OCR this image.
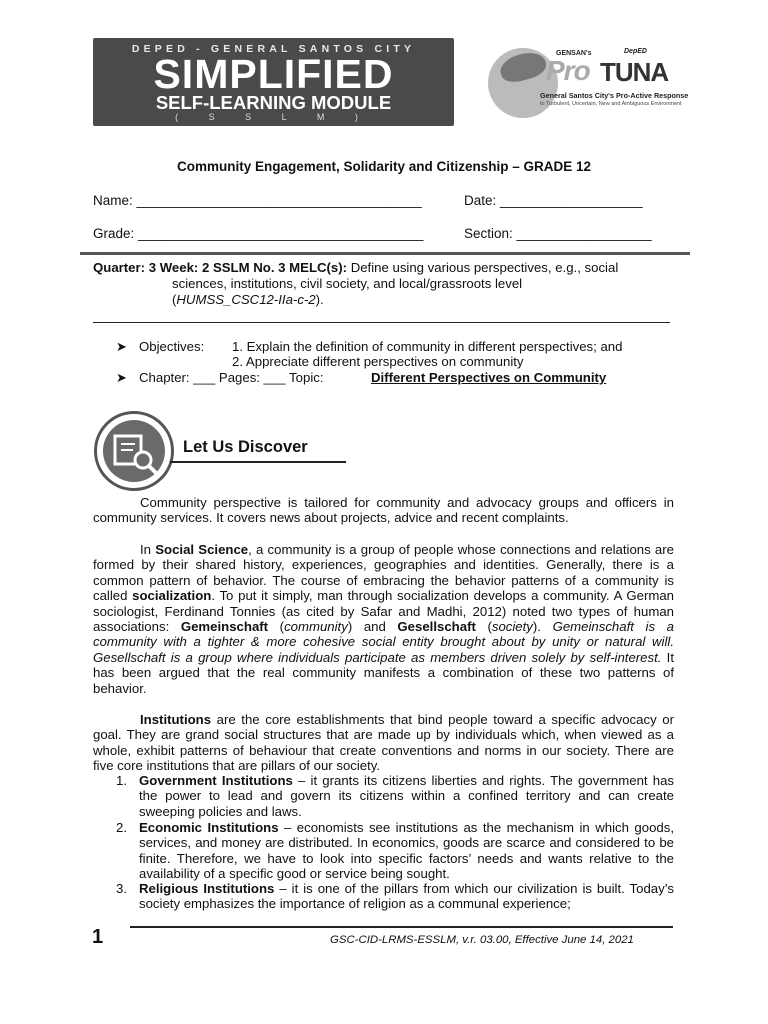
DEPED - GENERAL SANTOS CITY
SIMPLIFIED
SELF-LEARNING MODULE
( S S L M )
GENSAN's	DepED
Pro TUNA
General Santos City's Pro-Active Response
to Turbulent, Uncertain, New and Ambiguous Environment
Community Engagement, Solidarity and Citizenship – GRADE 12
Name: ______________________________________	Date: ___________________
Grade: ______________________________________	Section: __________________
Quarter: 3 Week: 2 SSLM No. 3 MELC(s): Define using various perspectives, e.g., social
sciences, institutions, civil society, and local/grassroots level
(HUMSS_CSC12-IIa-c-2).
➤ Objectives: 1. Explain the definition of community in different perspectives; and
2. Appreciate different perspectives on community
➤ Chapter: ___ Pages: ___ Topic:	Different Perspectives on Community
Let Us Discover
Community perspective is tailored for community and advocacy groups and officers in community services. It covers news about projects, advice and recent complaints.
In Social Science, a community is a group of people whose connections and relations are formed by their shared history, experiences, geographies and identities. Generally, there is a common pattern of behavior. The course of embracing the behavior patterns of a community is called socialization. To put it simply, man through socialization develops a community. A German sociologist, Ferdinand Tonnies (as cited by Safar and Madhi, 2012) noted two types of human associations: Gemeinschaft (community) and Gesellschaft (society). Gemeinschaft is a community with a tighter & more cohesive social entity brought about by unity or natural will. Gesellschaft is a group where individuals participate as members driven solely by self-interest. It has been argued that the real community manifests a combination of these two patterns of behavior.
Institutions are the core establishments that bind people toward a specific advocacy or goal. They are grand social structures that are made up by individuals which, when viewed as a whole, exhibit patterns of behaviour that create conventions and norms in our society. There are five core institutions that are pillars of our society.
1. Government Institutions – it grants its citizens liberties and rights. The government has the power to lead and govern its citizens within a confined territory and can create sweeping policies and laws.
2. Economic Institutions – economists see institutions as the mechanism in which goods, services, and money are distributed. In economics, goods are scarce and considered to be finite. Therefore, we have to look into specific factors’ needs and wants relative to the availability of a specific good or service being sought.
3. Religious Institutions – it is one of the pillars from which our civilization is built. Today’s society emphasizes the importance of religion as a communal experience;
1	GSC-CID-LRMS-ESSLM, v.r. 03.00, Effective June 14, 2021
